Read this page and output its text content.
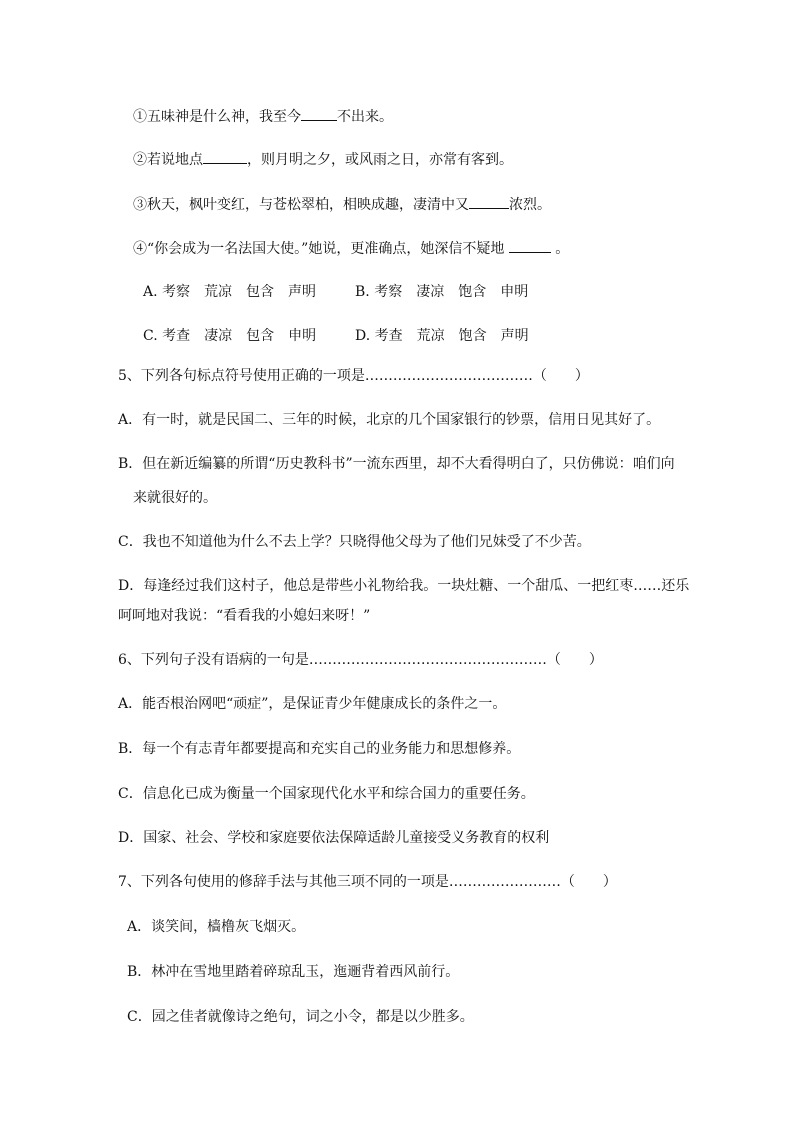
①五味神是什么神，我至今	不出来。
②若说地点	，则月明之夕，或风雨之日，亦常有客到。
③秋天，枫叶变红，与苍松翠柏，相映成趣，凄清中又	浓烈。
④“你会成为一名法国大使。”她说，更准确点，她深信不疑地	。
A. 考察　荒凉　包含　声明	B. 考察　凄凉　饱含　申明
C. 考查　凄凉　包含　申明	D. 考查　荒凉　饱含　声明
5、下列各句标点符号使用正确的一项是………………………………（　　）
A．有一时，就是民国二、三年的时候，北京的几个国家银行的钞票，信用日见其好了。
B．但在新近编纂的所谓“历史教科书”一流东西里，却不大看得明白了，只仿佛说：咱们向
来就很好的。
C．我也不知道他为什么不去上学？只晓得他父母为了他们兄妹受了不少苦。
D．每逢经过我们这村子，他总是带些小礼物给我。一块灶糖、一个甜瓜、一把红枣……还乐
呵呵地对我说：“看看我的小媳妇来呀！”
6、下列句子没有语病的一句是……………………………………………（　　）
A．能否根治网吧“顽症”，是保证青少年健康成长的条件之一。
B．每一个有志青年都要提高和充实自己的业务能力和思想修养。
C．信息化已成为衡量一个国家现代化水平和综合国力的重要任务。
D．国家、社会、学校和家庭要依法保障适龄儿童接受义务教育的权利
7、下列各句使用的修辞手法与其他三项不同的一项是……………………（　　）
A．谈笑间，樯橹灰飞烟灭。
B．林冲在雪地里踏着碎琼乱玉，迤逦背着西风前行。
C．园之佳者就像诗之绝句，词之小令，都是以少胜多。
